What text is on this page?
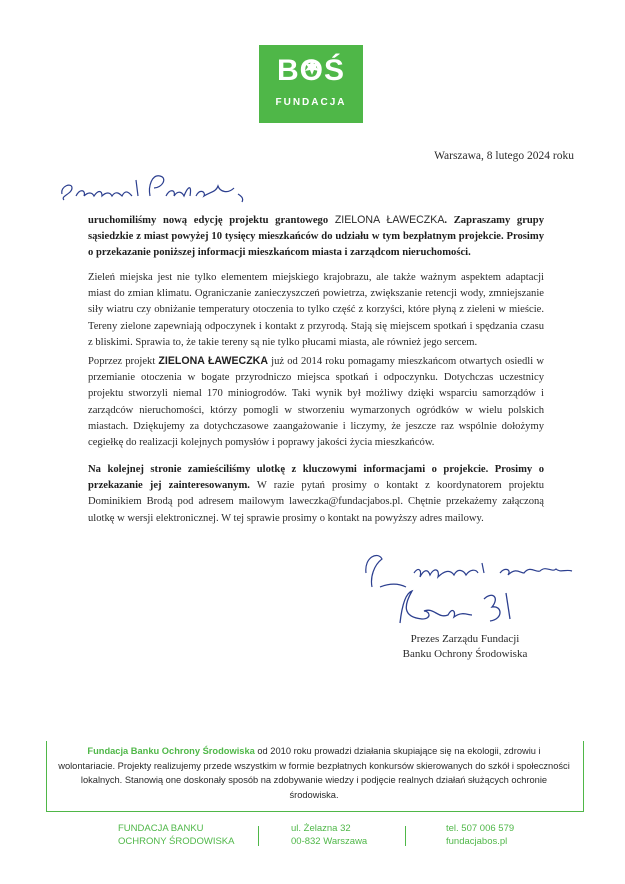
BOŚ
FUNDACJA
Warszawa, 8 lutego 2024 roku
uruchomiliśmy nową edycję projektu grantowego ZIELONA ŁAWECZKA. Zapraszamy grupy sąsiedzkie z miast powyżej 10 tysięcy mieszkańców do udziału w tym bezpłatnym projekcie. Prosimy o przekazanie poniższej informacji mieszkańcom miasta i zarządcom nieruchomości.
Zieleń miejska jest nie tylko elementem miejskiego krajobrazu, ale także ważnym aspektem adaptacji miast do zmian klimatu. Ograniczanie zanieczyszczeń powietrza, zwiększanie retencji wody, zmniejszanie siły wiatru czy obniżanie temperatury otoczenia to tylko część z korzyści, które płyną z zieleni w mieście. Tereny zielone zapewniają odpoczynek i kontakt z przyrodą. Stają się miejscem spotkań i spędzania czasu z bliskimi. Sprawia to, że takie tereny są nie tylko płucami miasta, ale również jego sercem.
Poprzez projekt ZIELONA ŁAWECZKA już od 2014 roku pomagamy mieszkańcom otwartych osiedli w przemianie otoczenia w bogate przyrodniczo miejsca spotkań i odpoczynku. Dotychczas uczestnicy projektu stworzyli niemal 170 miniogrodów. Taki wynik był możliwy dzięki wsparciu samorządów i zarządców nieruchomości, którzy pomogli w stworzeniu wymarzonych ogródków w wielu polskich miastach. Dziękujemy za dotychczasowe zaangażowanie i liczymy, że jeszcze raz wspólnie dołożymy cegiełkę do realizacji kolejnych pomysłów i poprawy jakości życia mieszkańców.
Na kolejnej stronie zamieściliśmy ulotkę z kluczowymi informacjami o projekcie. Prosimy o przekazanie jej zainteresowanym. W razie pytań prosimy o kontakt z koordynatorem projektu Dominikiem Brodą pod adresem mailowym laweczka@fundacjabos.pl. Chętnie przekażemy załączoną ulotkę w wersji elektronicznej. W tej sprawie prosimy o kontakt na powyższy adres mailowy.
Prezes Zarządu Fundacji
Banku Ochrony Środowiska
Fundacja Banku Ochrony Środowiska od 2010 roku prowadzi działania skupiające się na ekologii, zdrowiu i wolontariacie. Projekty realizujemy przede wszystkim w formie bezpłatnych konkursów skierowanych do szkół i społeczności lokalnych. Stanowią one doskonały sposób na zdobywanie wiedzy i podjęcie realnych działań służących ochronie środowiska.
FUNDACJA BANKU
OCHRONY ŚRODOWISKA
ul. Żelazna 32
00-832 Warszawa
tel. 507 006 579
fundacjabos.pl
